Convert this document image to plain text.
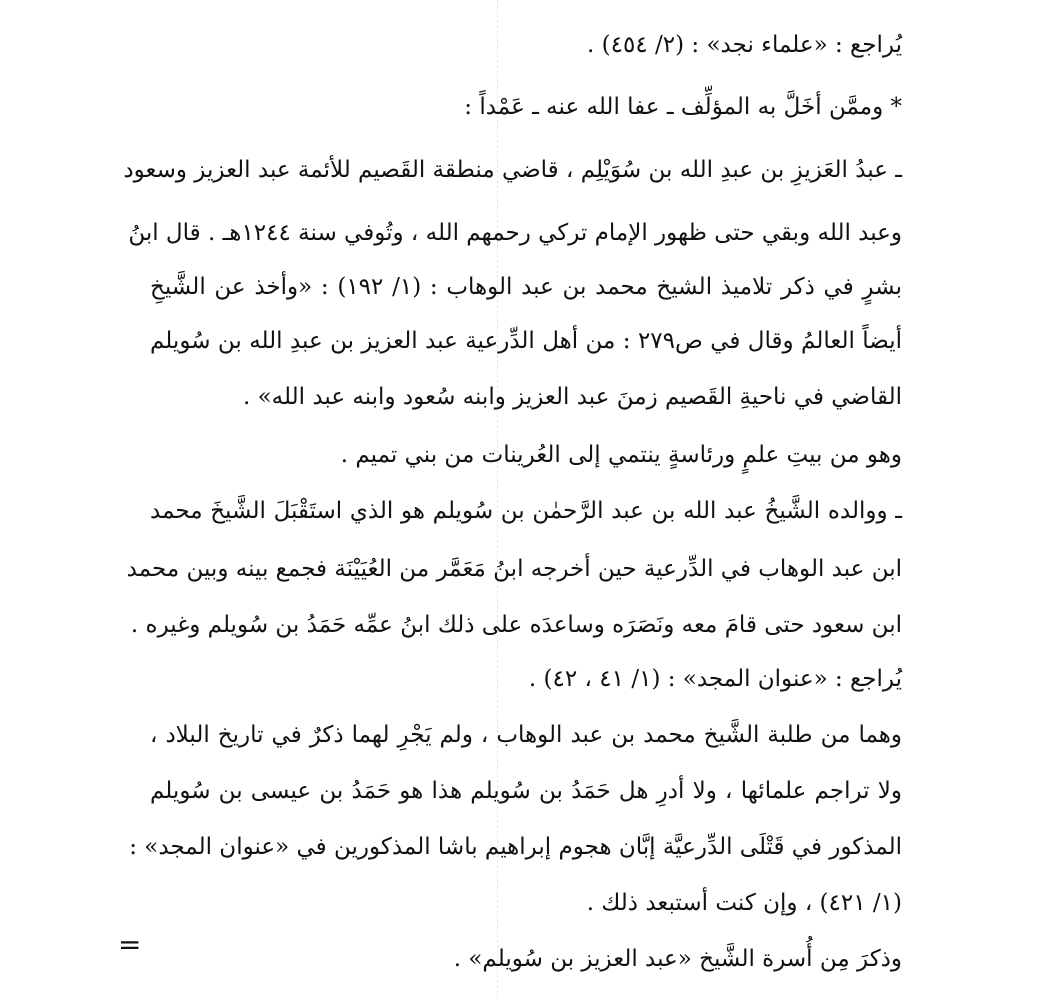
يُراجع : «علماء نجد» : (٢/ ٤٥٤) .
* وممَّن أخَلَّ به المؤلِّف ـ عفا الله عنه ـ عَمْداً :
ـ عبدُ العَزيزِ بن عبدِ الله بن سُوَيْلِم ، قاضي منطقة القَصيم للأئمة عبد العزيز وسعود
وعبد الله وبقي حتى ظهور الإمام تركي رحمهم الله ، وتُوفي سنة ١٢٤٤هـ . قال ابنُ
بشرٍ في ذكر تلاميذ الشيخ محمد بن عبد الوهاب : (١/ ١٩٢) : «وأخذ عن الشَّيخِ
أيضاً العالمُ وقال في ص٢٧٩ : من أهل الدِّرعية عبد العزيز بن عبدِ الله بن سُويلم
القاضي في ناحيةِ القَصيم زمنَ عبد العزيز وابنه سُعود وابنه عبد الله» .
وهو من بيتِ علمٍ ورئاسةٍ ينتمي إلى العُرينات من بني تميم .
ـ ووالده الشَّيخُ عبد الله بن عبد الرَّحمٰن بن سُويلم هو الذي استَقْبَلَ الشَّيخَ محمد
ابن عبد الوهاب في الدِّرعية حين أخرجه ابنُ مَعَمَّر من العُيَيْنَة فجمع بينه وبين محمد
ابن سعود حتى قامَ معه ونَصَرَه وساعدَه على ذلك ابنُ عمِّه حَمَدُ بن سُويلم وغيره .
يُراجع : «عنوان المجد» : (١/ ٤١ ، ٤٢) .
وهما من طلبة الشَّيخ محمد بن عبد الوهاب ، ولم يَجْرِ لهما ذكرٌ في تاريخ البلاد ،
ولا تراجم علمائها ، ولا أدرِ هل حَمَدُ بن سُويلم هذا هو حَمَدُ بن عيسى بن سُويلم
المذكور في قَتْلَى الدِّرعيَّة إبَّان هجوم إبراهيم باشا المذكورين في «عنوان المجد» :
(١/ ٤٢١) ، وإن كنت أستبعد ذلك .
وذكرَ مِن أُسرة الشَّيخ «عبد العزيز بن سُويلم» .
=
